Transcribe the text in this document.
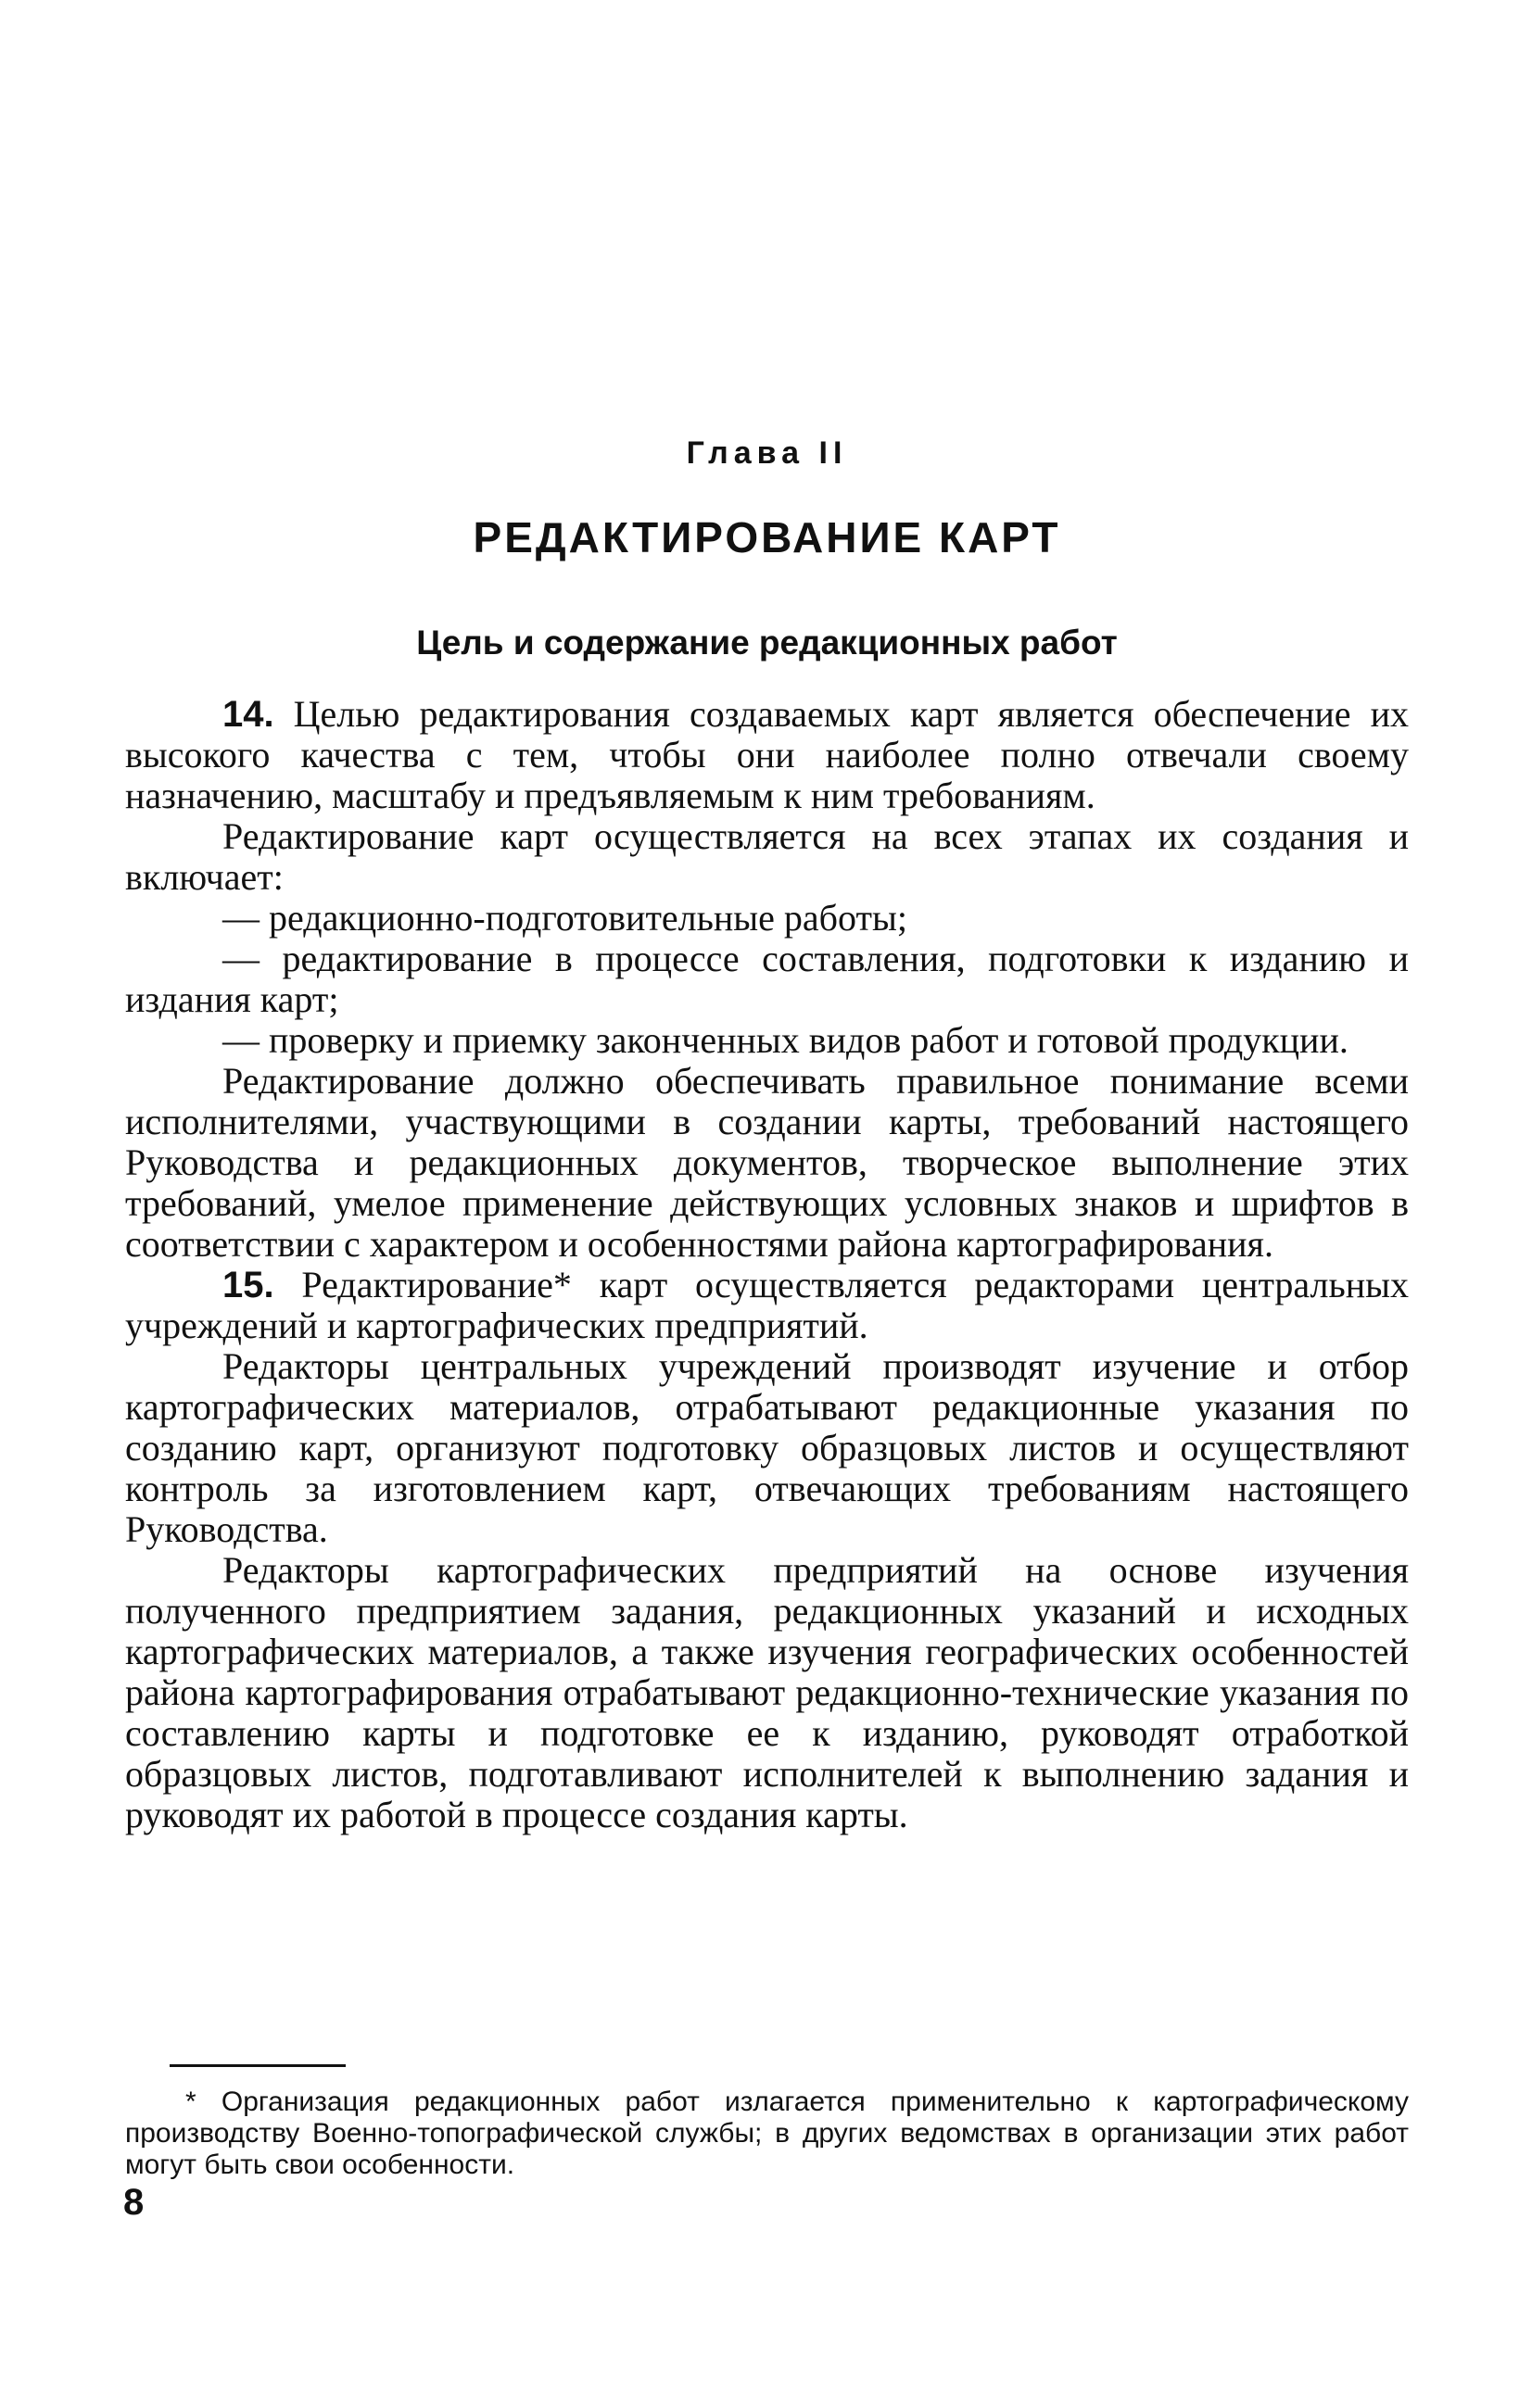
Глава II

РЕДАКТИРОВАНИЕ КАРТ

Цель и содержание редакционных работ

14. Целью редактирования создаваемых карт является обеспечение их высокого качества с тем, чтобы они наиболее полно отвечали своему назначению, масштабу и предъявляемым к ним требованиям.

Редактирование карт осуществляется на всех этапах их создания и включает:

— редакционно-подготовительные работы;

— редактирование в процессе составления, подготовки к изданию и издания карт;

— проверку и приемку законченных видов работ и готовой продукции.

Редактирование должно обеспечивать правильное понимание всеми исполнителями, участвующими в создании карты, требований настоящего Руководства и редакционных документов, творческое выполнение этих требований, умелое применение действующих условных знаков и шрифтов в соответствии с характером и особенностями района картографирования.

15. Редактирование* карт осуществляется редакторами центральных учреждений и картографических предприятий.

Редакторы центральных учреждений производят изучение и отбор картографических материалов, отрабатывают редакционные указания по созданию карт, организуют подготовку образцовых листов и осуществляют контроль за изготовлением карт, отвечающих требованиям настоящего Руководства.

Редакторы картографических предприятий на основе изучения полученного предприятием задания, редакционных указаний и исходных картографических материалов, а также изучения географических особенностей района картографирования отрабатывают редакционно-технические указания по составлению карты и подготовке ее к изданию, руководят отработкой образцовых листов, подготавливают исполнителей к выполнению задания и руководят их работой в процессе создания карты.

* Организация редакционных работ излагается применительно к картографическому производству Военно-топографической службы; в других ведомствах в организации этих работ могут быть свои особенности.

8
